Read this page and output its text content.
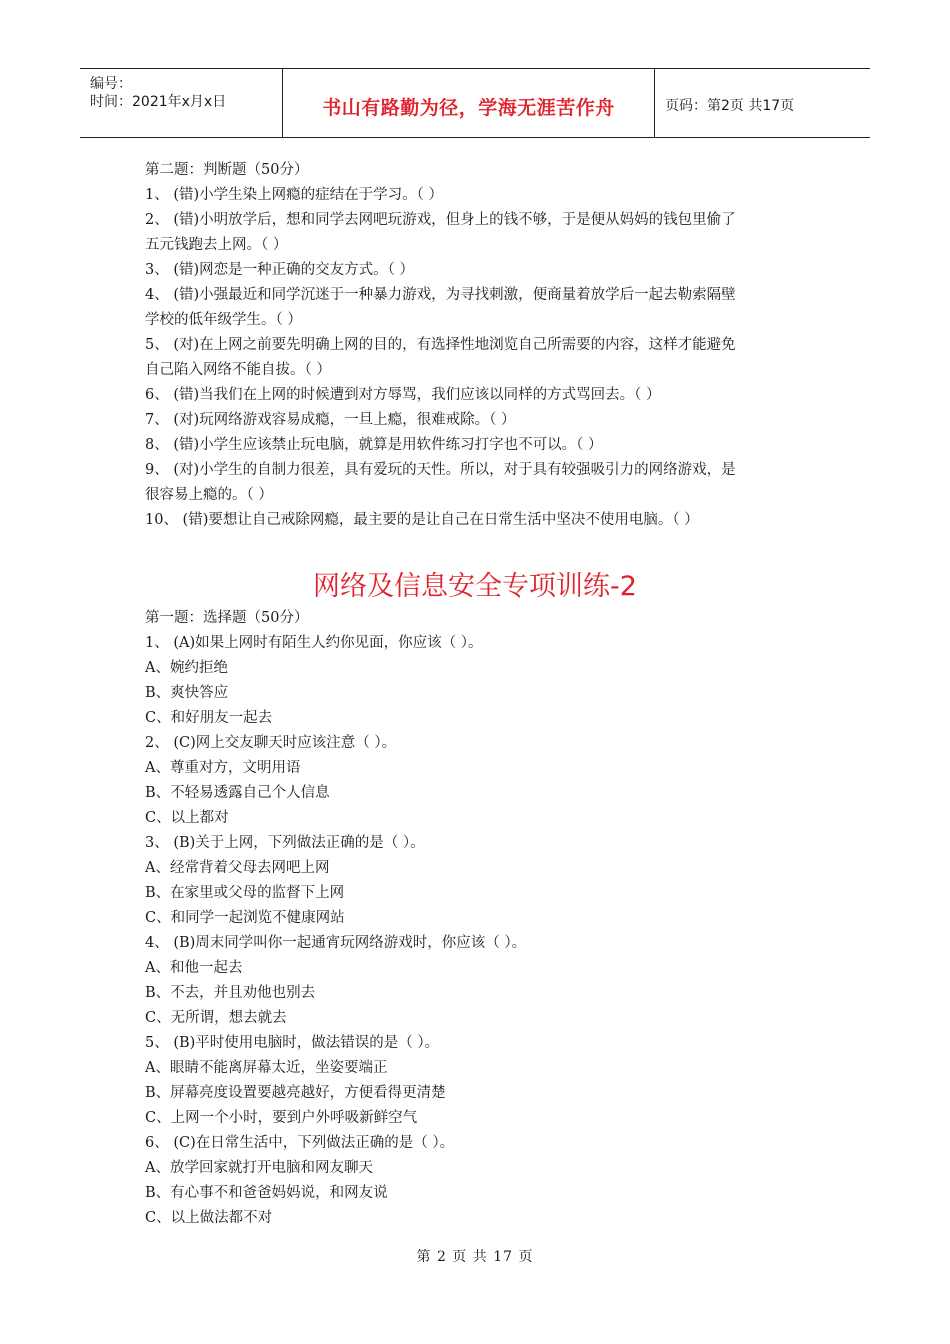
编号：
时间：2021年x月x日	书山有路勤为径，学海无涯苦作舟	页码：第2页 共17页
第二题：判断题（50分）
1、 (错)小学生染上网瘾的症结在于学习。（ ）
2、 (错)小明放学后，想和同学去网吧玩游戏，但身上的钱不够，于是便从妈妈的钱包里偷了
五元钱跑去上网。（ ）
3、 (错)网恋是一种正确的交友方式。（ ）
4、 (错)小强最近和同学沉迷于一种暴力游戏，为寻找刺激，便商量着放学后一起去勒索隔壁
学校的低年级学生。（ ）
5、 (对)在上网之前要先明确上网的目的，有选择性地浏览自己所需要的内容，这样才能避免
自己陷入网络不能自拔。（ ）
6、 (错)当我们在上网的时候遭到对方辱骂，我们应该以同样的方式骂回去。（ ）
7、 (对)玩网络游戏容易成瘾，一旦上瘾，很难戒除。（ ）
8、 (错)小学生应该禁止玩电脑，就算是用软件练习打字也不可以。（ ）
9、 (对)小学生的自制力很差，具有爱玩的天性。所以，对于具有较强吸引力的网络游戏，是
很容易上瘾的。（ ）
10、 (错)要想让自己戒除网瘾，最主要的是让自己在日常生活中坚决不使用电脑。（ ）
网络及信息安全专项训练-2
第一题：选择题（50分）
1、 (A)如果上网时有陌生人约你见面，你应该（ ）。
A、婉约拒绝
B、爽快答应
C、和好朋友一起去
2、 (C)网上交友聊天时应该注意（ ）。
A、尊重对方，文明用语
B、不轻易透露自己个人信息
C、以上都对
3、 (B)关于上网，下列做法正确的是（ ）。
A、经常背着父母去网吧上网
B、在家里或父母的监督下上网
C、和同学一起浏览不健康网站
4、 (B)周末同学叫你一起通宵玩网络游戏时，你应该（ ）。
A、和他一起去
B、不去，并且劝他也别去
C、无所谓，想去就去
5、 (B)平时使用电脑时，做法错误的是（ ）。
A、眼睛不能离屏幕太近，坐姿要端正
B、屏幕亮度设置要越亮越好，方便看得更清楚
C、上网一个小时，要到户外呼吸新鲜空气
6、 (C)在日常生活中，下列做法正确的是（ ）。
A、放学回家就打开电脑和网友聊天
B、有心事不和爸爸妈妈说，和网友说
C、以上做法都不对
第 2 页 共 17 页
